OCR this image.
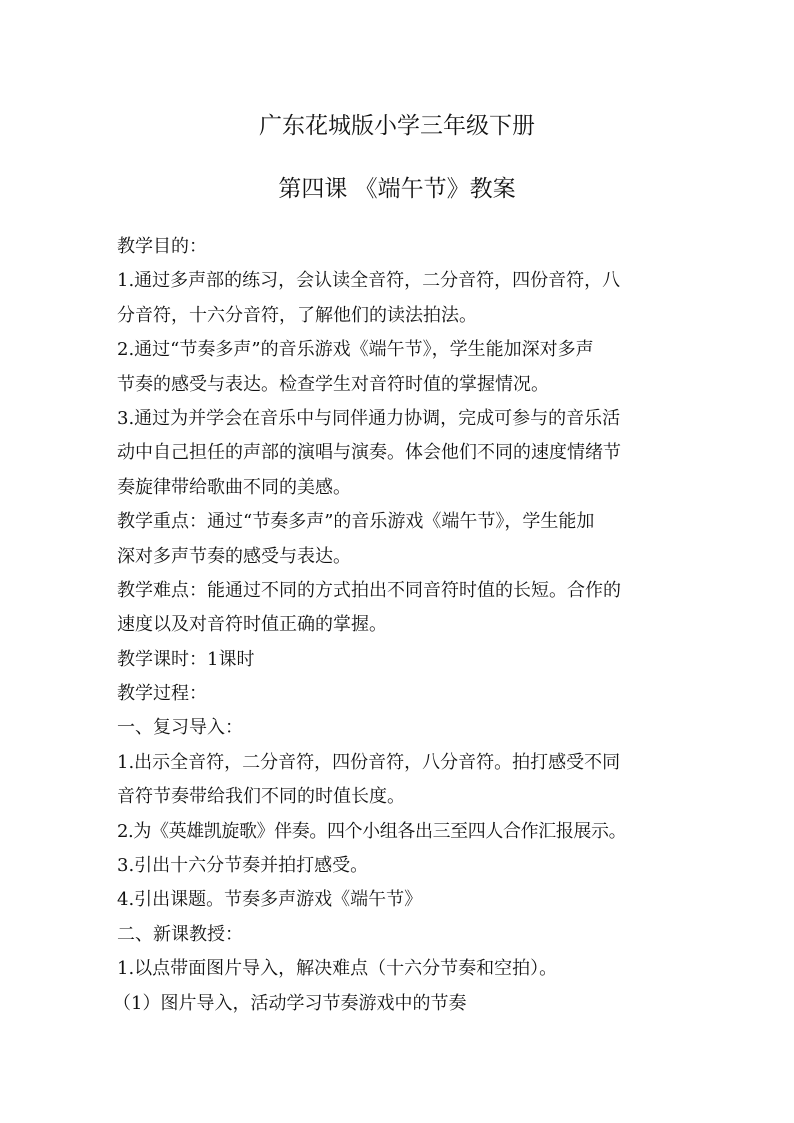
广东花城版小学三年级下册
第四课 《端午节》教案
教学目的：
1.通过多声部的练习，会认读全音符，二分音符，四份音符，八
分音符，十六分音符，了解他们的读法拍法。
2.通过“节奏多声”的音乐游戏《端午节》，学生能加深对多声
节奏的感受与表达。检查学生对音符时值的掌握情况。
3.通过为并学会在音乐中与同伴通力协调，完成可参与的音乐活
动中自己担任的声部的演唱与演奏。体会他们不同的速度情绪节
奏旋律带给歌曲不同的美感。
教学重点：通过“节奏多声”的音乐游戏《端午节》，学生能加
深对多声节奏的感受与表达。
教学难点：能通过不同的方式拍出不同音符时值的长短。合作的
速度以及对音符时值正确的掌握。
教学课时：1课时
教学过程：
一、复习导入：
1.出示全音符，二分音符，四份音符，八分音符。拍打感受不同
音符节奏带给我们不同的时值长度。
2.为《英雄凯旋歌》伴奏。四个小组各出三至四人合作汇报展示。
3.引出十六分节奏并拍打感受。
4.引出课题。节奏多声游戏《端午节》
二、新课教授：
1.以点带面图片导入，解决难点（十六分节奏和空拍）。
（1）图片导入，活动学习节奏游戏中的节奏
